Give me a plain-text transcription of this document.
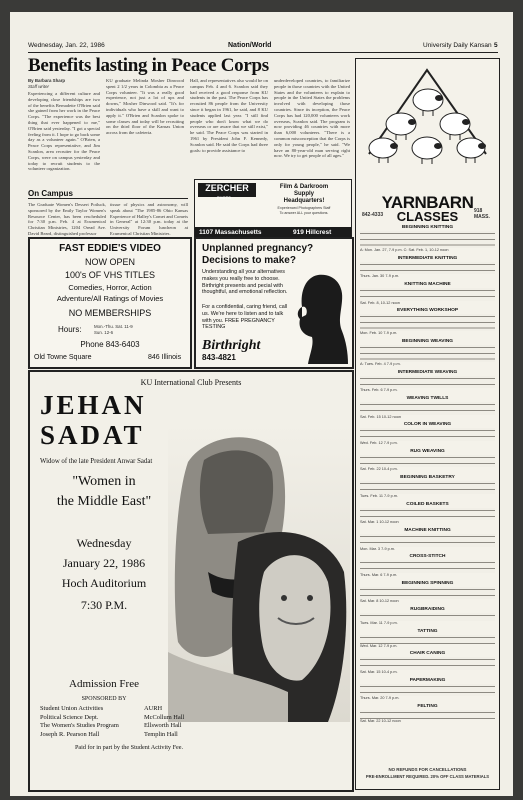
Wednesday, Jan. 22, 1986	Nation/World	University Daily Kansan 5
Benefits lasting in Peace Corps
By Barbara Sharp
Staff writer
Experiencing a different culture and developing close friendships are two of the benefits Bernadette O'Brien said she gained from her work in the Peace Corps. "The experience was the best thing that ever happened to me," O'Brien said yesterday. "I got a special feeling from it. I hope to go back some day as a volunteer again." O'Brien, a Peace Corps representative, and Jim Scanlon, area recruiter for the Peace Corps, were on campus yesterday and today to recruit students to the volunteer organization.
KU graduate Melinda Mosher Dinwood spent 2 1/2 years in Colombia as a Peace Corps volunteer. "It was a really good experience, not just a lot of ups and downs," Mosher Dinwood said. "It's for individuals who have a skill and want to apply it." O'Brien and Scanlon spoke to some classes and today will be recruiting on the third floor of the Kansas Union across from the cafeteria.
Hall, and representatives also would be on campus Feb. 4 and 6. Scanlon said they had received a good response from KU students in the past. The Peace Corps has recruited 86 people from the University since it began in 1961, he said, and 8 KU students applied last year. "I still find people who don't know what we do overseas or are aware that we still exist," he said. The Peace Corps was started in 1961 by President John F. Kennedy, Scanlon said. He said the Corps had three goals: to provide assistance to
underdeveloped countries, to familiarize people in those countries with the United States and the volunteers to explain to people in the United States the problems involved with developing those countries. Since its inception, the Peace Corps has had 120,000 volunteers work overseas, Scanlon said. The program is now providing 46 countries with more than 6,000 volunteers. "There is a common misconception that the Corps is only for young people," he said. "We have an 80-year-old man serving right now. We try to get people of all ages."
On Campus
The Graduate Women's Dessert Potluck, sponsored by the Emily Taylor Women's Resource Center, has been rescheduled for 7:30 p.m. Feb. 4 at Ecumenical Christian Ministries, 1204 Oread Ave. David Beard, distinguished professor
tissue of physics and astronomy, will speak about "The 1985-86 Ohio Kansas Experience of Halley's Comet and Comets in General" at 12:30 p.m. today at the University Forum luncheon at Ecumenical Christian Ministries.
ZERCHER
PHOTO
Film & Darkroom
Supply
Headquarters!
Experienced Photographers Staff
To answer ALL your questions.
1107 Massachusetts	919 Hillcrest
YARNBARN
842-4333	CLASSES	918
MASS.
BEGINNING KNITTING
A: Mon. Jan. 27, 7-9 p.m. C: Sat. Feb. 1, 10-12 noon
INTERMEDIATE KNITTING
Thurs. Jan. 30 7-9 p.m.
KNITTING MACHINE
Sat. Feb. 8, 10-12 noon
EVERYTHING WORKSHOP
Mon. Feb. 10 7-9 p.m.
BEGINNING WEAVING
A: Tues. Feb. 4 7-9 p.m.
INTERMEDIATE WEAVING
Thurs. Feb. 6 7-9 p.m.
WEAVING TWILLS
Sat. Feb. 15 10-12 noon
COLOR IN WEAVING
Wed. Feb. 12 7-9 p.m.
RUG WEAVING
Sat. Feb. 22 10-4 p.m.
BEGINNING BASKETRY
Tues. Feb. 11 7-9 p.m.
COILED BASKETS
Sat. Mar. 1 10-12 noon
MACHINE KNITTING
Mon. Mar. 3 7-9 p.m.
CROSS-STITCH
Thurs. Mar. 6 7-9 p.m.
BEGINNING SPINNING
Sat. Mar. 8 10-12 noon
RUGBRAIDING
Tues. Mar. 11 7-9 p.m.
TATTING
Wed. Mar. 12 7-9 p.m.
CHAIR CANING
Sat. Mar. 15 10-4 p.m.
PAPERMAKING
Thurs. Mar. 20 7-9 p.m.
FELTING
Sat. Mar. 22 10-12 noon
NO REFUNDS FOR CANCELLATIONS
PRE-ENROLLMENT REQUIRED. 20% OFF CLASS MATERIALS
FAST EDDIE'S VIDEO
NOW OPEN
100's OF VHS TITLES
Comedies, Horror, Action
Adventure/All Ratings of Movies
NO MEMBERSHIPS
Hours:	Mon.-Thu. Sat. 11-9
Sun. 12-6
Phone 843-6403
Old Towne Square	846 Illinois
Unplanned pregnancy? Decisions to make?
Understanding all your alternatives makes you really free to choose. Birthright presents and pecial with thoughtful, and emotional reflection.
For a confidential, caring friend, call us. We're here to listen and to talk with you. FREE PREGNANCY TESTING
Birthright
843-4821
KU International Club Presents
JEHAN
SADAT
Widow of the late President Anwar Sadat
"Women in
the Middle East"
Wednesday
January 22, 1986
Hoch Auditorium
7:30 P.M.
Admission Free
SPONSORED BY
Student Union Activities
Political Science Dept.
The Women's Studies Program
Joseph R. Pearson Hall
AURH
McCollum Hall
Ellsworth Hall
Templin Hall
Paid for in part by the Student Activity Fee.
